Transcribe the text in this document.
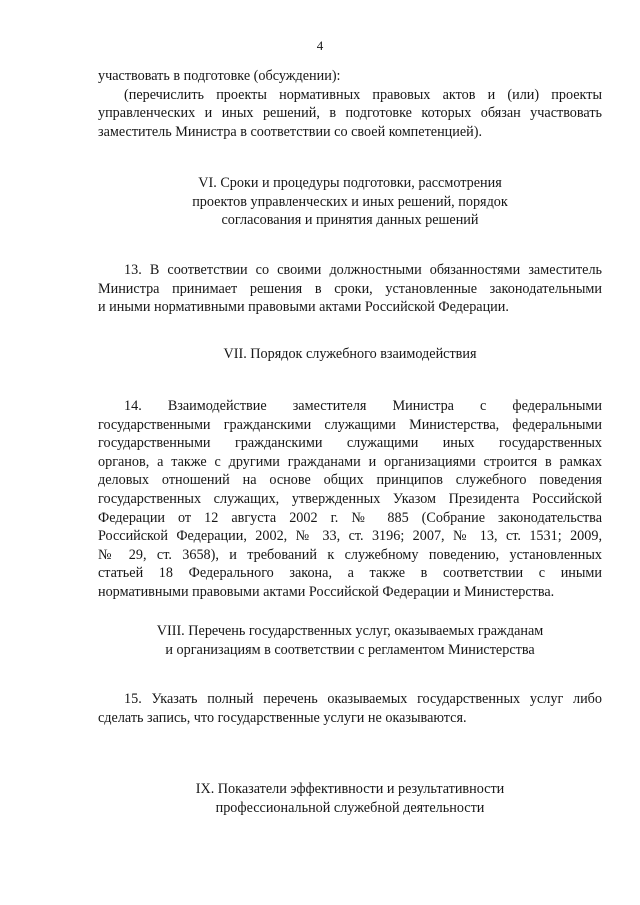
4
участвовать в подготовке (обсуждении):
(перечислить проекты нормативных правовых актов и (или) проекты
управленческих и иных решений, в подготовке которых обязан участвовать
заместитель Министра в соответствии со своей компетенцией).
VI. Сроки и процедуры подготовки, рассмотрения
проектов управленческих и иных решений, порядок
согласования и принятия данных решений
13. В соответствии со своими должностными обязанностями заместитель
Министра принимает решения в сроки, установленные законодательными
и иными нормативными правовыми актами Российской Федерации.
VII. Порядок служебного взаимодействия
14. Взаимодействие заместителя Министра с федеральными
государственными гражданскими служащими Министерства, федеральными
государственными гражданскими служащими иных государственных
органов, а также с другими гражданами и организациями строится в рамках
деловых отношений на основе общих принципов служебного поведения
государственных служащих, утвержденных Указом Президента Российской
Федерации от 12 августа 2002 г. № 885 (Собрание законодательства
Российской Федерации, 2002, № 33, ст. 3196; 2007, № 13, ст. 1531; 2009,
№ 29, ст. 3658), и требований к служебному поведению, установленных
статьей 18 Федерального закона, а также в соответствии с иными
нормативными правовыми актами Российской Федерации и Министерства.
VIII. Перечень государственных услуг, оказываемых гражданам
и организациям в соответствии с регламентом Министерства
15. Указать полный перечень оказываемых государственных услуг либо
сделать запись, что государственные услуги не оказываются.
IX. Показатели эффективности и результативности
профессиональной служебной деятельности
